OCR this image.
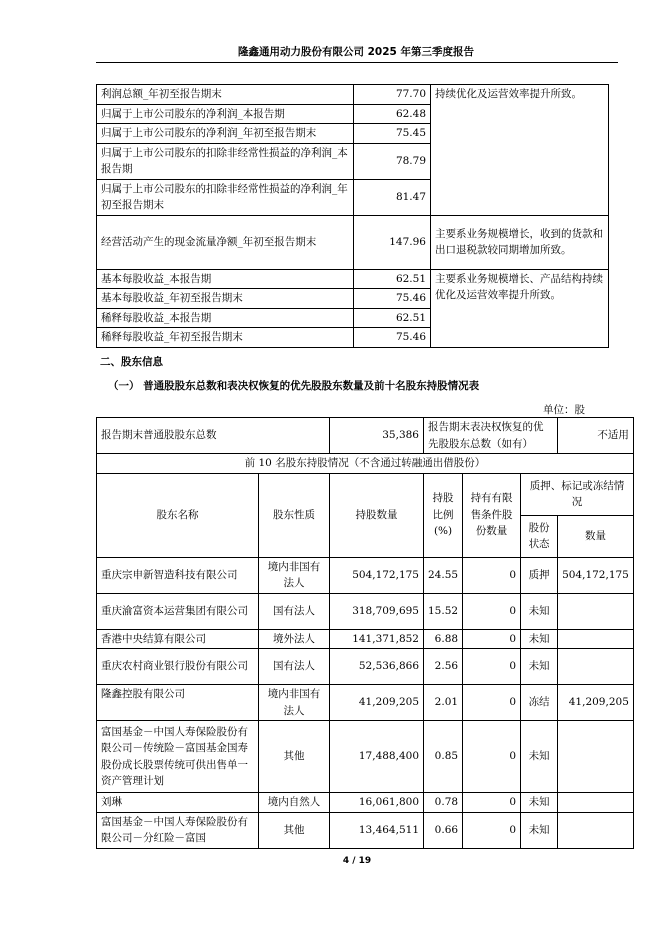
隆鑫通用动力股份有限公司 2025 年第三季度报告
利润总额_年初至报告期末	77.70	持续优化及运营效率提升所致。
归属于上市公司股东的净利润_本报告期	62.48	
归属于上市公司股东的净利润_年初至报告期末	75.45	
归属于上市公司股东的扣除非经常性损益的净利润_本报告期	78.79	
归属于上市公司股东的扣除非经常性损益的净利润_年初至报告期末	81.47	
经营活动产生的现金流量净额_年初至报告期末	147.96	主要系业务规模增长，收到的货款和出口退税款较同期增加所致。
基本每股收益_本报告期	62.51	主要系业务规模增长、产品结构持续优化及运营效率提升所致。
基本每股收益_年初至报告期末	75.46	
稀释每股收益_本报告期	62.51	
稀释每股收益_年初至报告期末	75.46	
二、股东信息
（一） 普通股股东总数和表决权恢复的优先股股东数量及前十名股东持股情况表
单位：股
报告期末普通股股东总数		35,386	报告期末表决权恢复的优先股股东总数（如有）			不适用
前 10 名股东持股情况（不含通过转融通出借股份）						
股东名称	股东性质	持股数量	持股比例(%)	持有有限售条件股份数量	质押、标记或冻结情况	
					股份状态	数量
重庆宗申新智造科技有限公司	境内非国有法人	504,172,175	24.55	0	质押	504,172,175
重庆渝富资本运营集团有限公司	国有法人	318,709,695	15.52	0	未知	
香港中央结算有限公司	境外法人	141,371,852	6.88	0	未知	
重庆农村商业银行股份有限公司	国有法人	52,536,866	2.56	0	未知	
隆鑫控股有限公司	境内非国有法人	41,209,205	2.01	0	冻结	41,209,205
富国基金－中国人寿保险股份有限公司－传统险－富国基金国寿股份成长股票传统可供出售单一资产管理计划	其他	17,488,400	0.85	0	未知	
刘琳	境内自然人	16,061,800	0.78	0	未知	
富国基金－中国人寿保险股份有限公司－分红险－富国	其他	13,464,511	0.66	0	未知	
4 / 19
